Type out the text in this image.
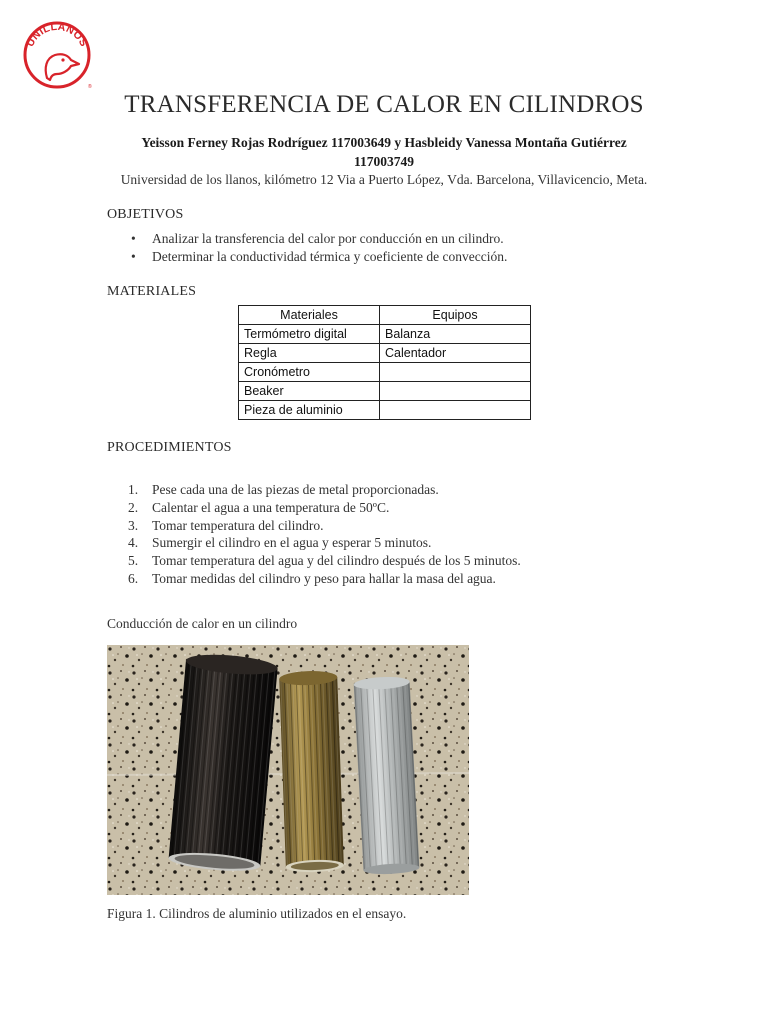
UNILLANOS
®
TRANSFERENCIA DE CALOR EN CILINDROS
Yeisson Ferney Rojas Rodríguez 117003649 y Hasbleidy Vanessa Montaña Gutiérrez
117003749
Universidad de los llanos, kilómetro 12 Via a Puerto López, Vda. Barcelona, Villavicencio, Meta.
OBJETIVOS
• Analizar la transferencia del calor por conducción en un cilindro.
• Determinar la conductividad térmica y coeficiente de convección.
MATERIALES
Materiales	Equipos
Termómetro digital	Balanza
Regla	Calentador
Cronómetro	
Beaker	
Pieza de aluminio	
PROCEDIMIENTOS
1. Pese cada una de las piezas de metal proporcionadas.
2. Calentar el agua a una temperatura de 50ºC.
3. Tomar temperatura del cilindro.
4. Sumergir el cilindro en el agua y esperar 5 minutos.
5. Tomar temperatura del agua y del cilindro después de los 5 minutos.
6. Tomar medidas del cilindro y peso para hallar la masa del agua.
Conducción de calor en un cilindro
Figura 1. Cilindros de aluminio utilizados en el ensayo.
